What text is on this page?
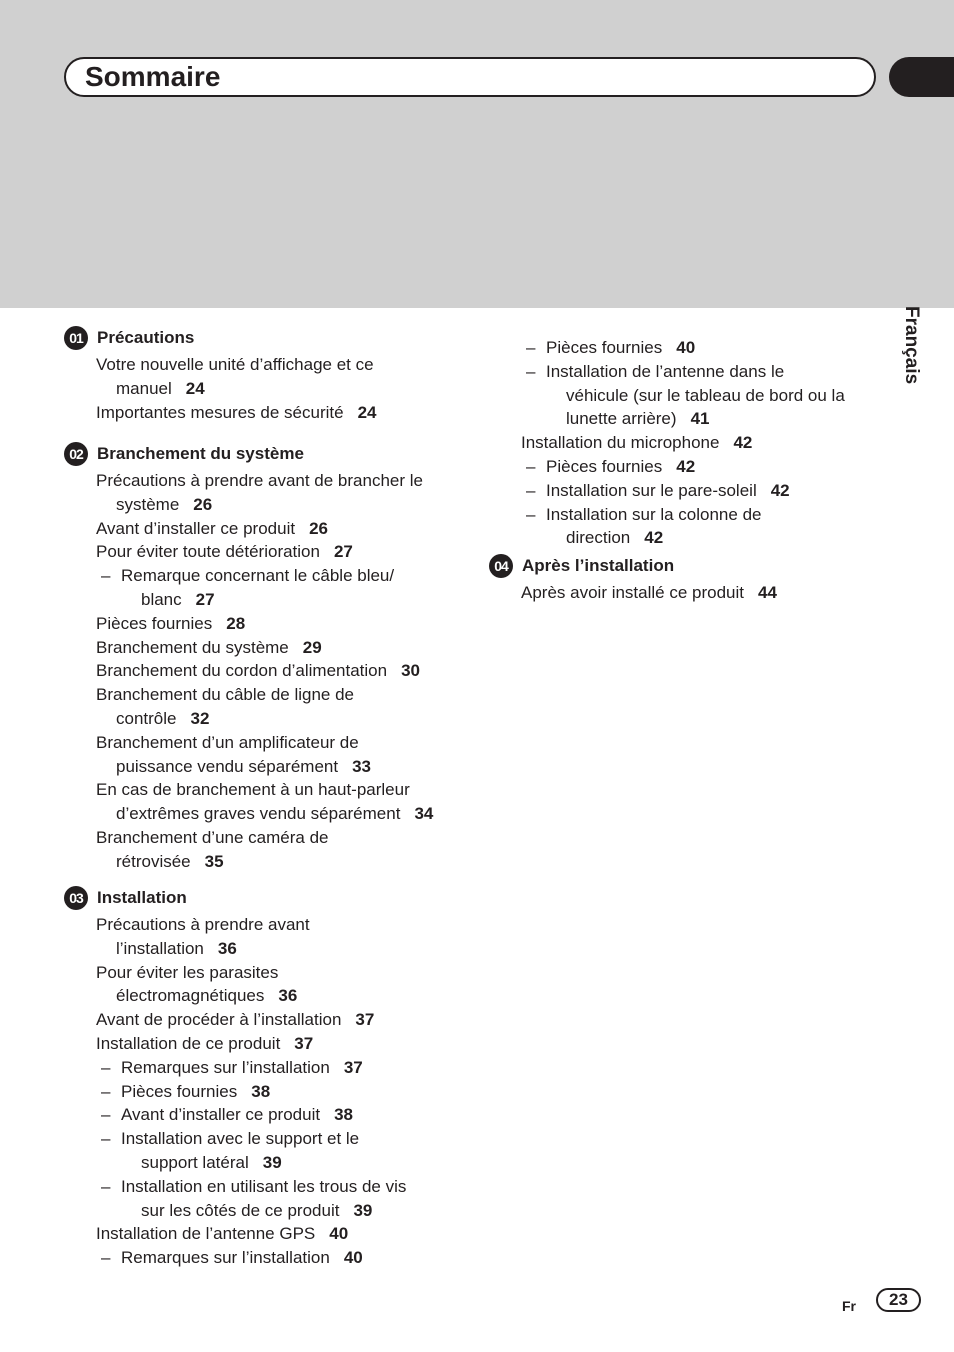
Sommaire
Français
01 Précautions
Votre nouvelle unité d’affichage et ce
manuel 24
Importantes mesures de sécurité 24
02 Branchement du système
Précautions à prendre avant de brancher le
système 26
Avant d’installer ce produit 26
Pour éviter toute détérioration 27
– Remarque concernant le câble bleu/
blanc 27
Pièces fournies 28
Branchement du système 29
Branchement du cordon d’alimentation 30
Branchement du câble de ligne de
contrôle 32
Branchement d’un amplificateur de
puissance vendu séparément 33
En cas de branchement à un haut-parleur
d’extrêmes graves vendu séparément 34
Branchement d’une caméra de
rétrovisée 35
03 Installation
Précautions à prendre avant
l’installation 36
Pour éviter les parasites
électromagnétiques 36
Avant de procéder à l’installation 37
Installation de ce produit 37
– Remarques sur l’installation 37
– Pièces fournies 38
– Avant d’installer ce produit 38
– Installation avec le support et le
support latéral 39
– Installation en utilisant les trous de vis
sur les côtés de ce produit 39
Installation de l’antenne GPS 40
– Remarques sur l’installation 40
– Pièces fournies 40
– Installation de l’antenne dans le
véhicule (sur le tableau de bord ou la
lunette arrière) 41
Installation du microphone 42
– Pièces fournies 42
– Installation sur le pare-soleil 42
– Installation sur la colonne de
direction 42
04 Après l’installation
Après avoir installé ce produit 44
Fr 23
